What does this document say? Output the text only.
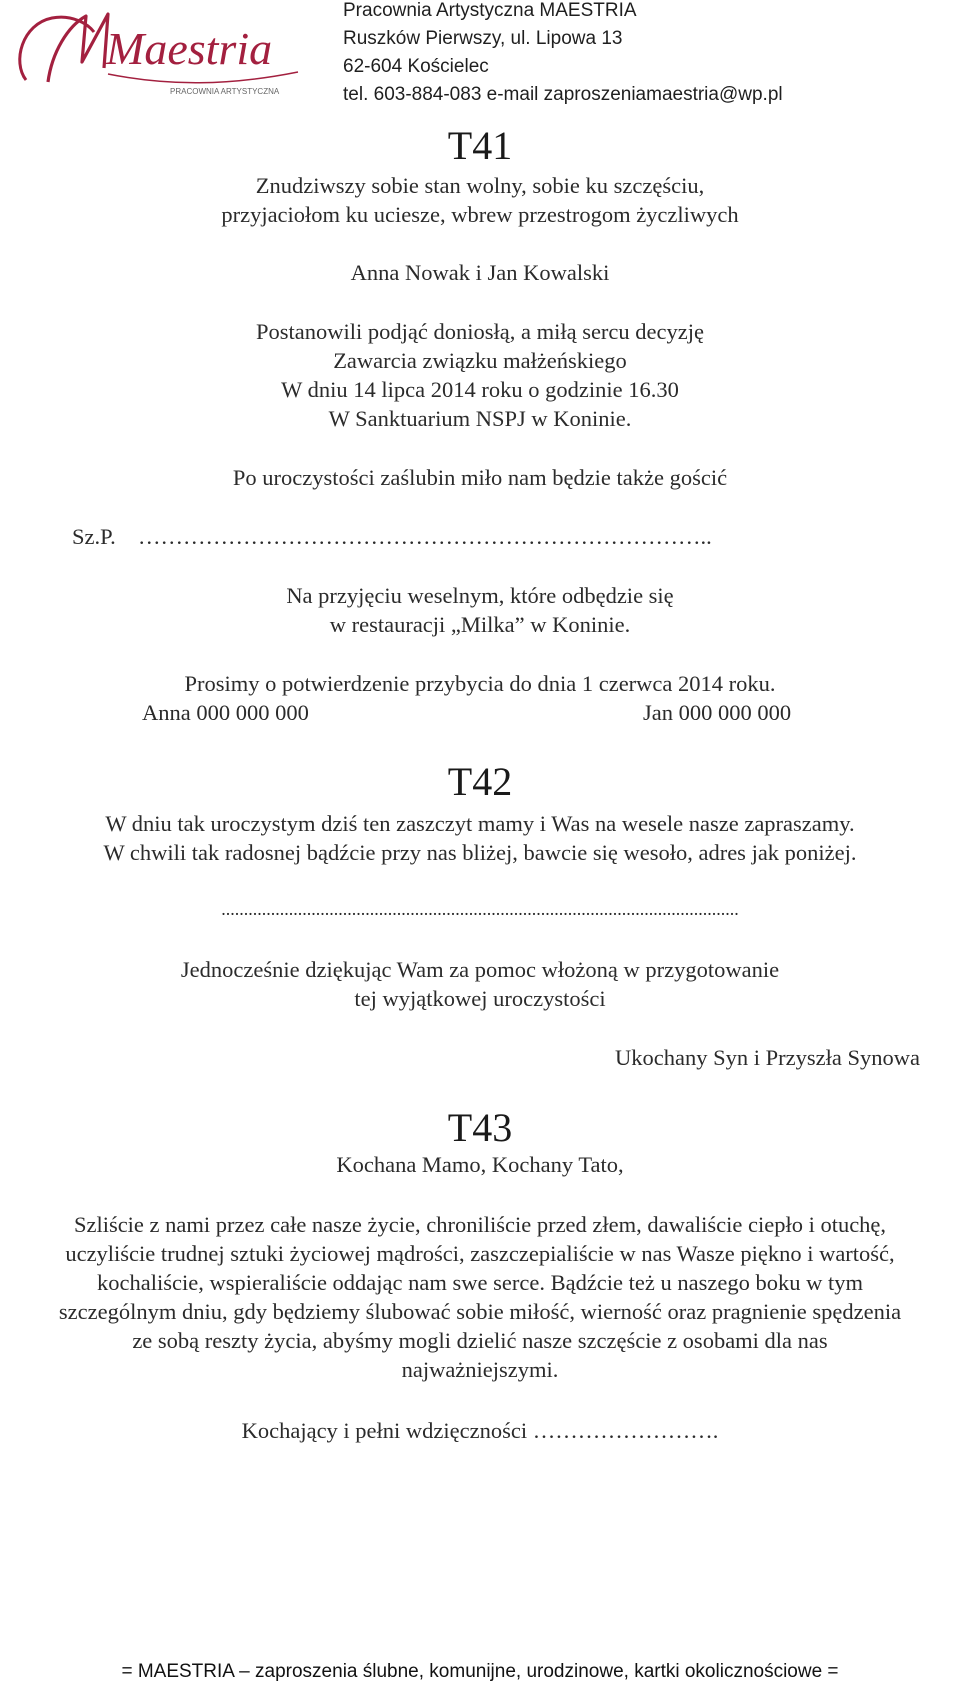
Maestria
PRACOWNIA ARTYSTYCZNA
Pracownia Artystyczna MAESTRIA
Ruszków Pierwszy, ul. Lipowa 13
62-604 Kościelec
tel. 603-884-083 e-mail zaproszeniamaestria@wp.pl
T41
Znudziwszy sobie stan wolny, sobie ku szczęściu,
przyjaciołom ku uciesze, wbrew przestrogom życzliwych
Anna Nowak i Jan Kowalski
Postanowili podjąć doniosłą, a miłą sercu decyzję
Zawarcia związku małżeńskiego
W dniu 14 lipca 2014 roku o godzinie 16.30
W Sanktuarium NSPJ w Koninie.
Po uroczystości zaślubin miło nam będzie także gościć
Sz.P. …………………………………………………………………..
Na przyjęciu weselnym, które odbędzie się
w restauracji „Milka” w Koninie.
Prosimy o potwierdzenie przybycia do dnia 1 czerwca 2014 roku.
Anna 000 000 000	Jan 000 000 000
T42
W dniu tak uroczystym dziś ten zaszczyt mamy i Was na wesele nasze zapraszamy.
W chwili tak radosnej bądźcie przy nas bliżej, bawcie się wesoło, adres jak poniżej.
...................................................................................................................
Jednocześnie dziękując Wam za pomoc włożoną w przygotowanie
tej wyjątkowej uroczystości
Ukochany Syn i Przyszła Synowa
T43
Kochana Mamo, Kochany Tato,
Szliście z nami przez całe nasze życie, chroniliście przed złem, dawaliście ciepło i otuchę,
uczyliście trudnej sztuki życiowej mądrości, zaszczepialiście w nas Wasze piękno i wartość,
kochaliście, wspieraliście oddając nam swe serce. Bądźcie też u naszego boku w tym
szczególnym dniu, gdy będziemy ślubować sobie miłość, wierność oraz pragnienie spędzenia
ze sobą reszty życia, abyśmy mogli dzielić nasze szczęście z osobami dla nas
najważniejszymi.
Kochający i pełni wdzięczności …………………….
= MAESTRIA – zaproszenia ślubne, komunijne, urodzinowe, kartki okolicznościowe =
